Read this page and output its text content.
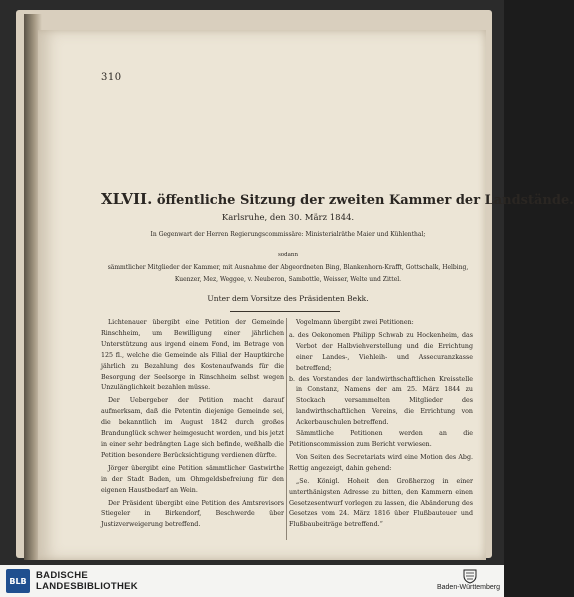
310
XLVII. öffentliche Sitzung der zweiten Kammer der Landstände.
Karlsruhe, den 30. März 1844.
In Gegenwart der Herren Regierungscommissäre: Ministerialräthe Maier und Kühlenthal;
sodann
sämmtlicher Mitglieder der Kammer, mit Ausnahme der Abgeordneten Bing, Blankenhorn-Krafft, Gottschalk, Helbing,
Kuenzer, Mez, Weggee, v. Neuberon, Sambottle, Weisser, Welte und Zittel.
Unter dem Vorsitze des Präsidenten Bekk.

Lichtenauer übergibt eine Petition der Gemeinde Rinschheim, um Bewilligung einer jährlichen Unterstützung aus irgend einem Fond, im Betrage von 125 fl., welche die Gemeinde als Filial der Hauptkirche jährlich zu Bezahlung des Kostenaufwands für die Besorgung der Seelsorge in Rinschheim selbst wegen Unzulänglichkeit bezahlen müsse.

Der Uebergeber der Petition macht darauf aufmerksam, daß die Petentin diejenige Gemeinde sei, die bekanntlich im August 1842 durch großes Brandunglück schwer heimgesucht worden, und bis jetzt in einer sehr bedrängten Lage sich befinde, weßhalb die Petition besondere Berücksichtigung verdienen dürfte.

Jörger übergibt eine Petition sämmtlicher Gastwirthe in der Stadt Baden, um Ohmgeldsbefreiung für den eigenen Haustbedarf an Wein.

Der Präsident übergibt eine Petition des Amtsrevisors Stiegeler in Birkendorf, Beschwerde über Justizverweigerung betreffend.

Vogelmann übergibt zwei Petitionen:

a. des Oekonomen Philipp Schwab zu Hockenheim, das Verbot der Halbviehverstellung und die Errichtung einer Landes-, Viehleih- und Assecuranzkasse betreffend;

b. des Vorstandes der landwirthschaftlichen Kreisstelle in Constanz, Namens der am 25. März 1844 zu Stockach versammelten Mitglieder des landwirthschaftlichen Vereins, die Errichtung von Ackerbauschulen betreffend.

Sämmtliche Petitionen werden an die Petitionscommission zum Bericht verwiesen.

Von Seiten des Secretariats wird eine Motion des Abg. Rettig angezeigt, dahin gehend:

„Se. Königl. Hoheit den Großherzog in einer unterthänigsten Adresse zu bitten, den Kammern einen Gesetzesentwurf vorlegen zu lassen, die Abänderung des Gesetzes vom 24. März 1816 über Flußbauteuer und Flußbaubeiträge betreffend.“

BLB BADISCHE
LANDESBIBLIOTHEK	Baden-Württemberg
